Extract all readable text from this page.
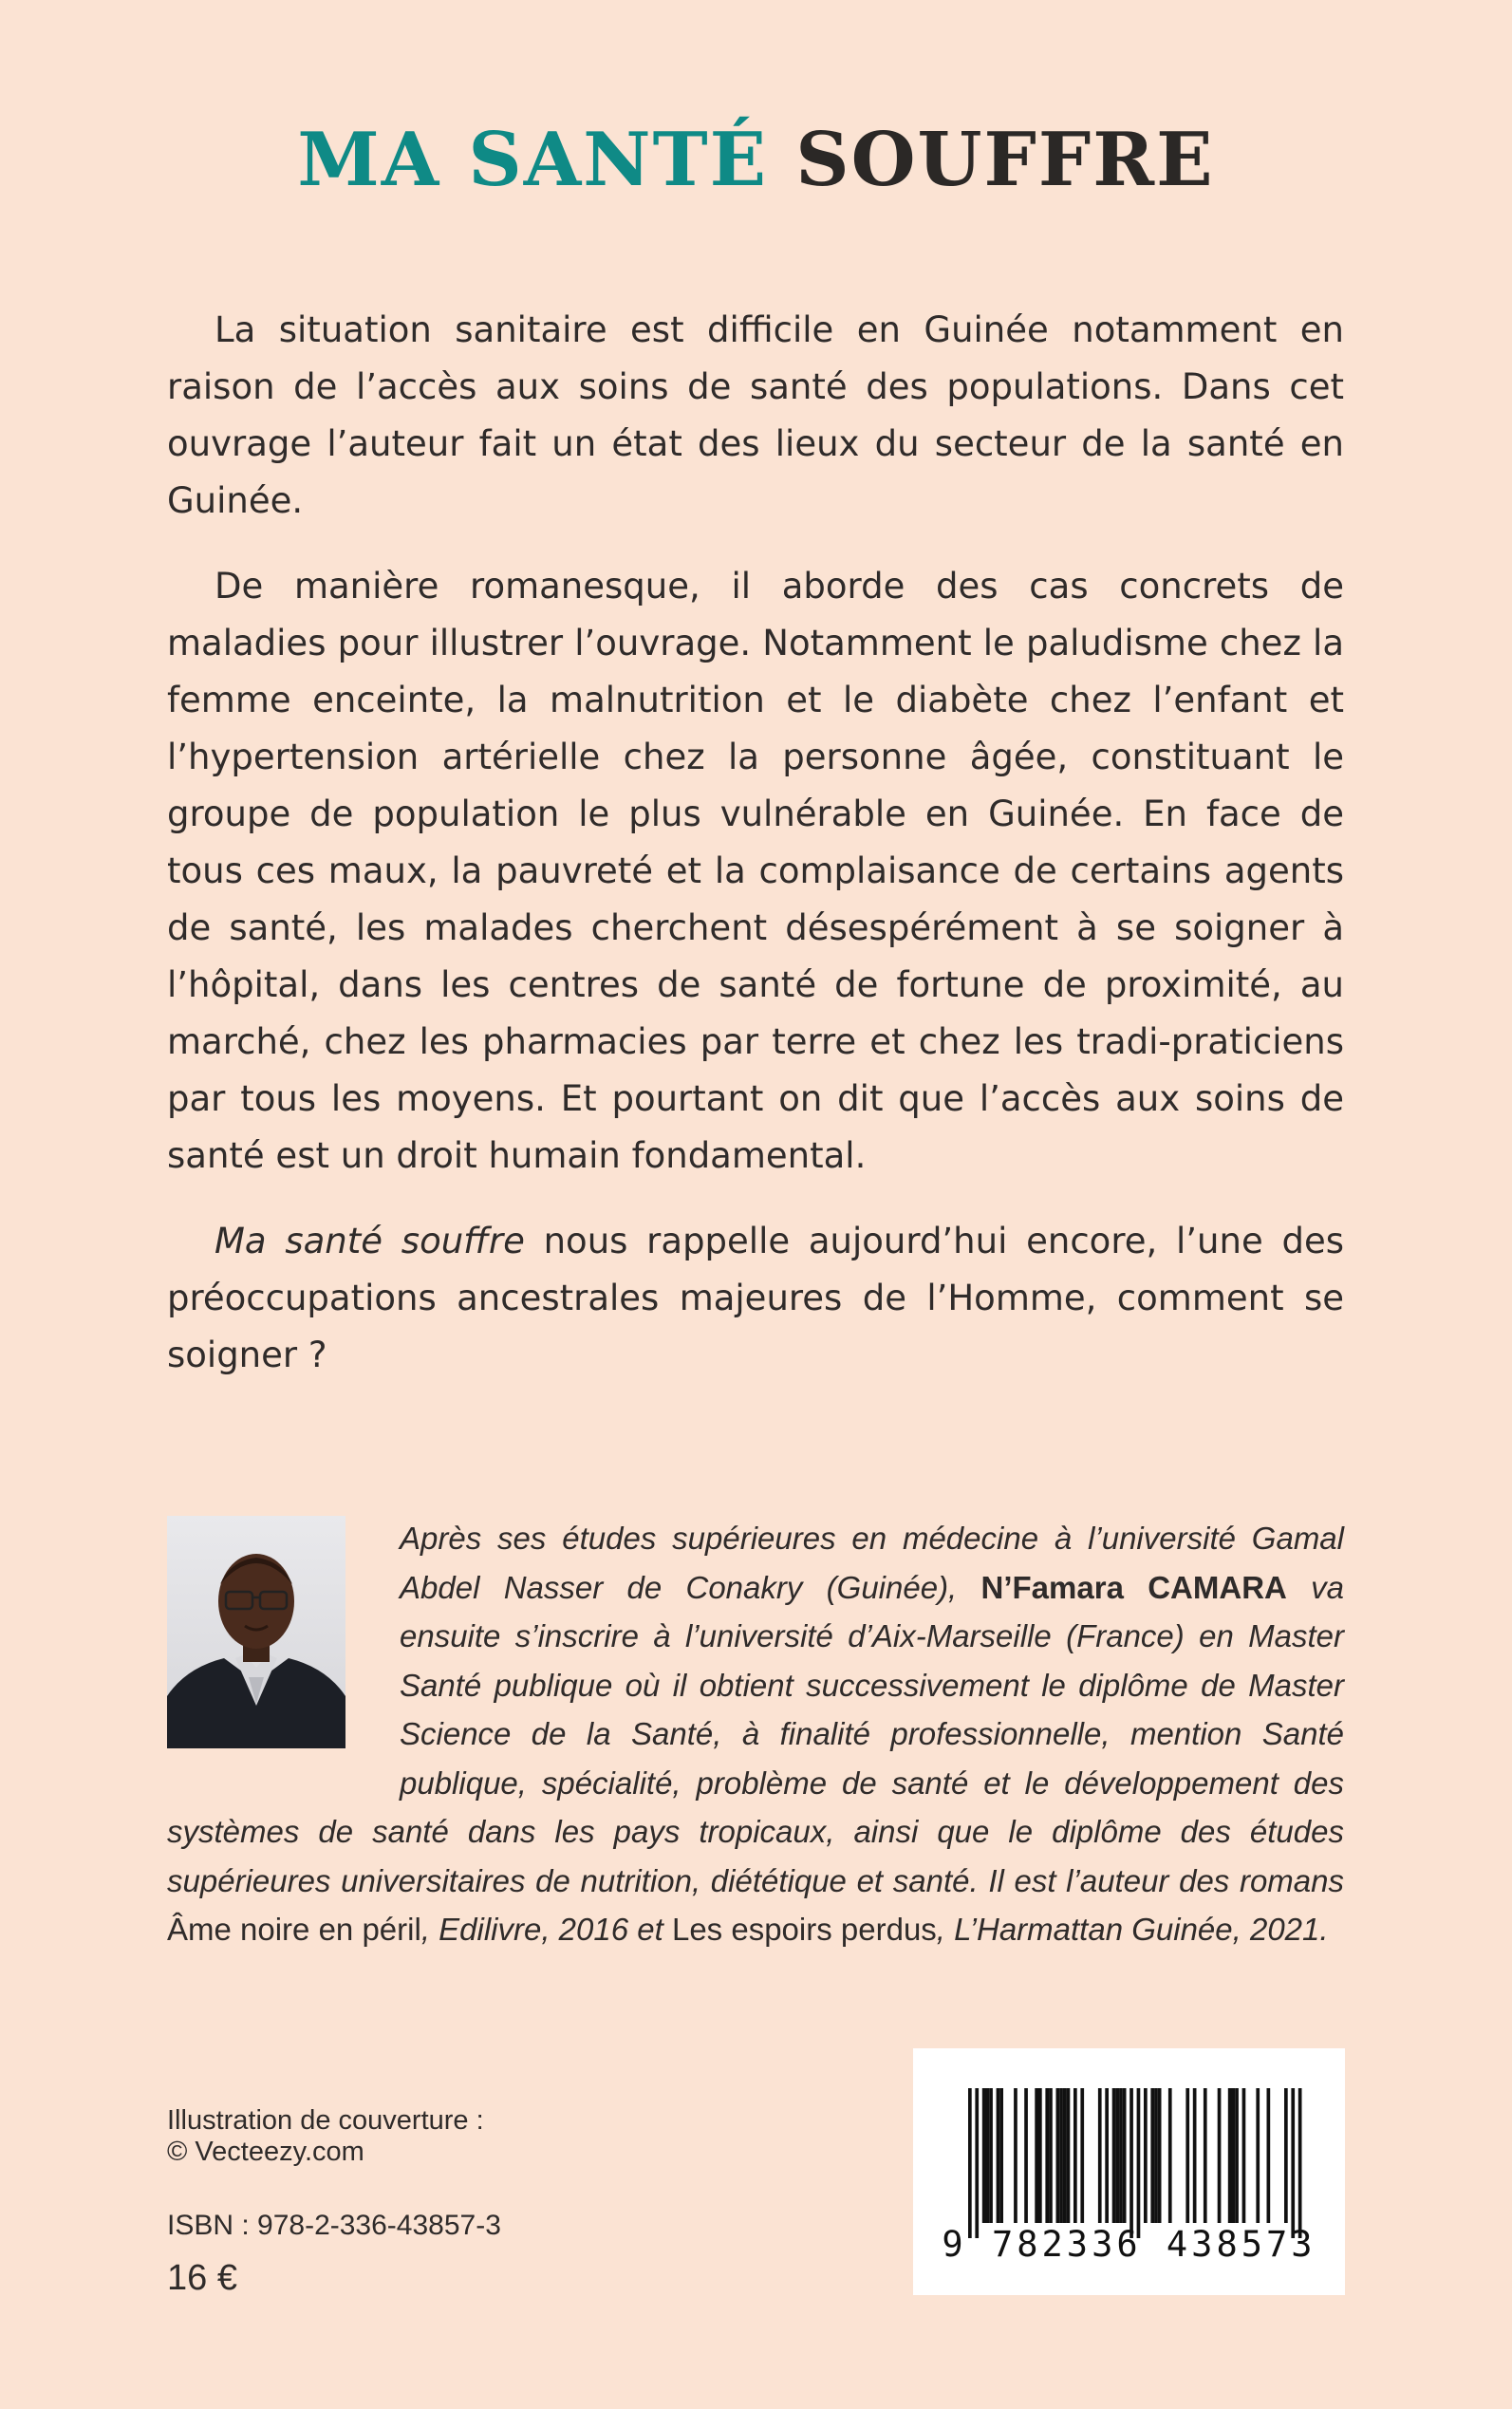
MA SANTÉ SOUFFRE

La situation sanitaire est difficile en Guinée notamment en raison de l’accès aux soins de santé des populations. Dans cet ouvrage l’auteur fait un état des lieux du secteur de la santé en Guinée.

De manière romanesque, il aborde des cas concrets de maladies pour illustrer l’ouvrage. Notamment le paludisme chez la femme enceinte, la malnutrition et le diabète chez l’enfant et l’hypertension artérielle chez la personne âgée, constituant le groupe de population le plus vulnérable en Guinée. En face de tous ces maux, la pauvreté et la complaisance de certains agents de santé, les malades cherchent désespérément à se soigner à l’hôpital, dans les centres de santé de fortune de proximité, au marché, chez les pharmacies par terre et chez les tradi-praticiens par tous les moyens. Et pourtant on dit que l’accès aux soins de santé est un droit humain fondamental.

Ma santé souffre nous rappelle aujourd’hui encore, l’une des préoccupations ancestrales majeures de l’Homme, comment se soigner ?

Après ses études supérieures en médecine à l’université Gamal Abdel Nasser de Conakry (Guinée), N’Famara CAMARA va ensuite s’inscrire à l’université d’Aix-Marseille (France) en Master Santé publique où il obtient successivement le diplôme de Master Science de la Santé, à finalité professionnelle, mention Santé publique, spécialité, problème de santé et le développement des systèmes de santé dans les pays tropicaux, ainsi que le diplôme des études supérieures universitaires de nutrition, diététique et santé. Il est l’auteur des romans Âme noire en péril, Edilivre, 2016 et Les espoirs perdus, L’Harmattan Guinée, 2021.
Illustration de couverture :
© Vecteezy.com
ISBN : 978-2-336-43857-3
16 €
9 782336 438573
